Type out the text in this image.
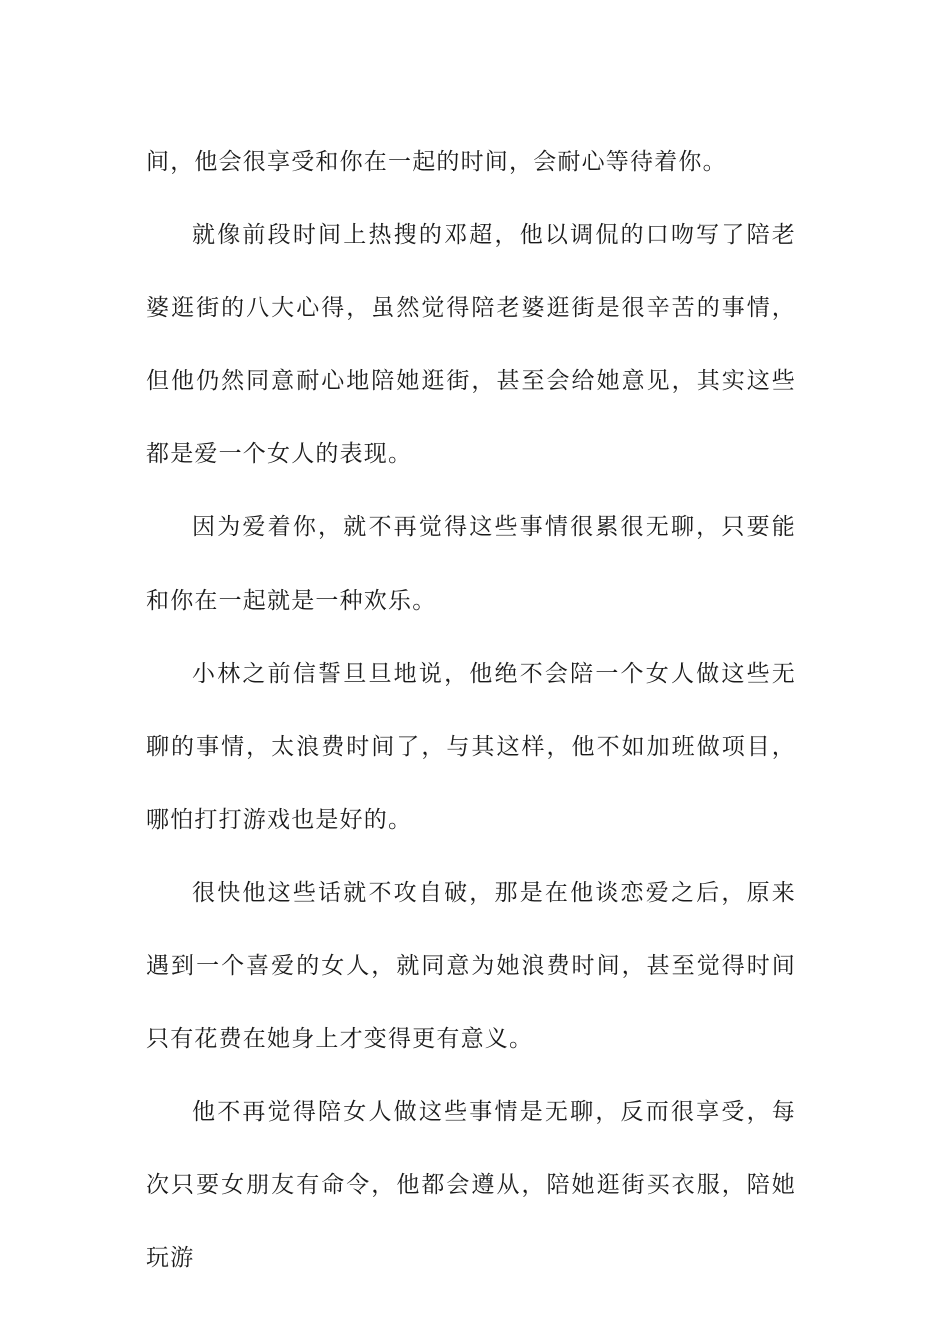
间，他会很享受和你在一起的时间，会耐心等待着你。

就像前段时间上热搜的邓超，他以调侃的口吻写了陪老婆逛街的八大心得，虽然觉得陪老婆逛街是很辛苦的事情，但他仍然同意耐心地陪她逛街，甚至会给她意见，其实这些都是爱一个女人的表现。

因为爱着你，就不再觉得这些事情很累很无聊，只要能和你在一起就是一种欢乐。

小林之前信誓旦旦地说，他绝不会陪一个女人做这些无聊的事情，太浪费时间了，与其这样，他不如加班做项目，哪怕打打游戏也是好的。

很快他这些话就不攻自破，那是在他谈恋爱之后，原来遇到一个喜爱的女人，就同意为她浪费时间，甚至觉得时间只有花费在她身上才变得更有意义。

他不再觉得陪女人做这些事情是无聊，反而很享受，每次只要女朋友有命令，他都会遵从，陪她逛街买衣服，陪她玩游
